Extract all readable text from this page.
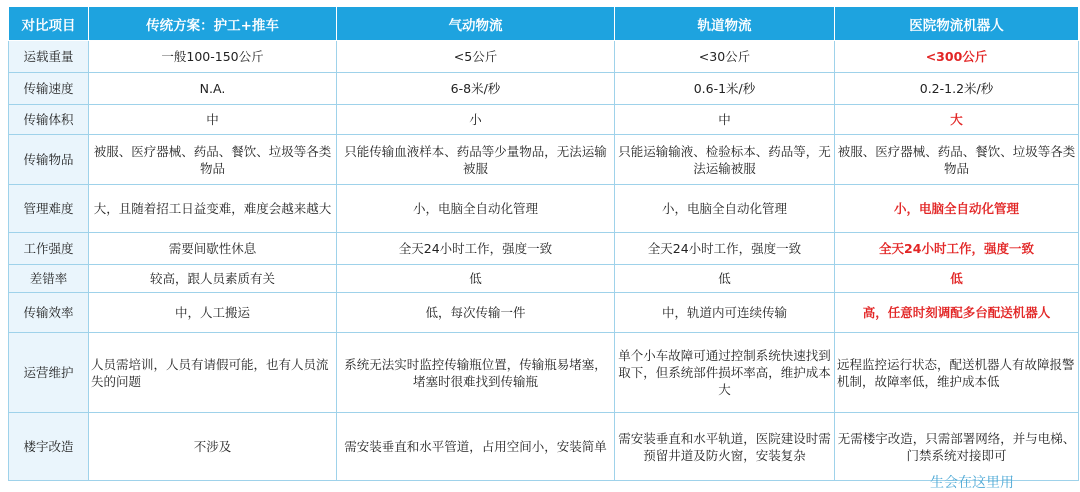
对比项目	传统方案：护工+推车	气动物流	轨道物流	医院物流机器人
运载重量	一般100-150公斤	<5公斤	<30公斤	<300公斤
传输速度	N.A.	6-8米/秒	0.6-1米/秒	0.2-1.2米/秒
传输体积	中	小	中	大
传输物品	被服、医疗器械、药品、餐饮、垃圾等各类物品	只能传输血液样本、药品等少量物品，无法运输被服	只能运输输液、检验标本、药品等，无法运输被服	被服、医疗器械、药品、餐饮、垃圾等各类物品
管理难度	大，且随着招工日益变难，难度会越来越大	小，电脑全自动化管理	小，电脑全自动化管理	小，电脑全自动化管理
工作强度	需要间歇性休息	全天24小时工作，强度一致	全天24小时工作，强度一致	全天24小时工作，强度一致
差错率	较高，跟人员素质有关	低	低	低
传输效率	中，人工搬运	低，每次传输一件	中，轨道内可连续传输	高，任意时刻调配多台配送机器人
运营维护	人员需培训，人员有请假可能，也有人员流失的问题	系统无法实时监控传输瓶位置，传输瓶易堵塞，堵塞时很难找到传输瓶	单个小车故障可通过控制系统快速找到取下，但系统部件损坏率高，维护成本大	远程监控运行状态，配送机器人有故障报警机制，故障率低，维护成本低
楼宇改造	不涉及	需安装垂直和水平管道，占用空间小，安装简单	需安装垂直和水平轨道，医院建设时需预留井道及防火窗，安装复杂	无需楼宇改造，只需部署网络，并与电梯、门禁系统对接即可
生会在这里用
